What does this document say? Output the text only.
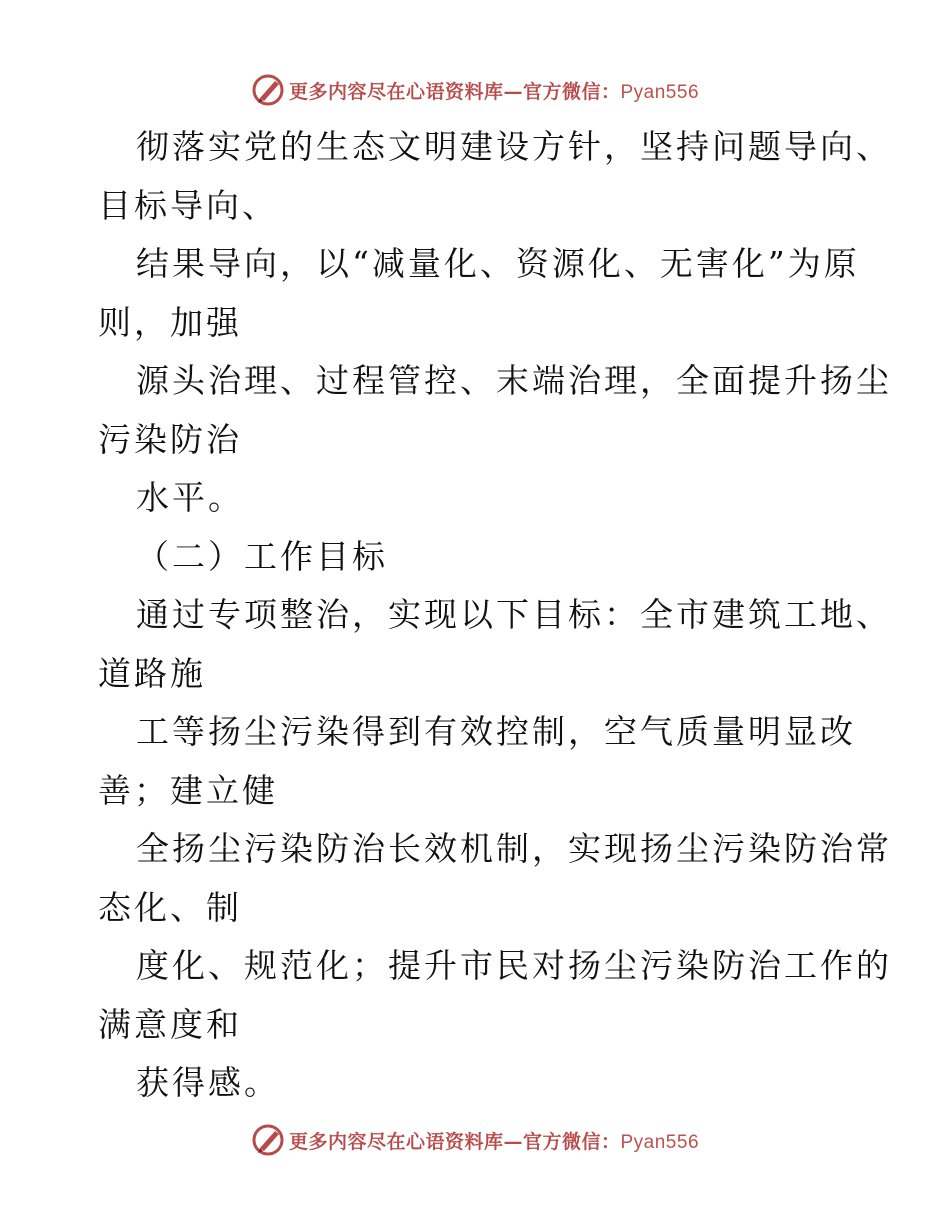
更多内容尽在心语资料库—官方微信：Pyan556
彻落实党的生态文明建设方针，坚持问题导向、
目标导向、
结果导向，以“减量化、资源化、无害化”为原
则，加强
源头治理、过程管控、末端治理，全面提升扬尘
污染防治
水平。
（二）工作目标
通过专项整治，实现以下目标：全市建筑工地、
道路施
工等扬尘污染得到有效控制，空气质量明显改
善；建立健
全扬尘污染防治长效机制，实现扬尘污染防治常
态化、制
度化、规范化；提升市民对扬尘污染防治工作的
满意度和
获得感。
更多内容尽在心语资料库—官方微信：Pyan556
